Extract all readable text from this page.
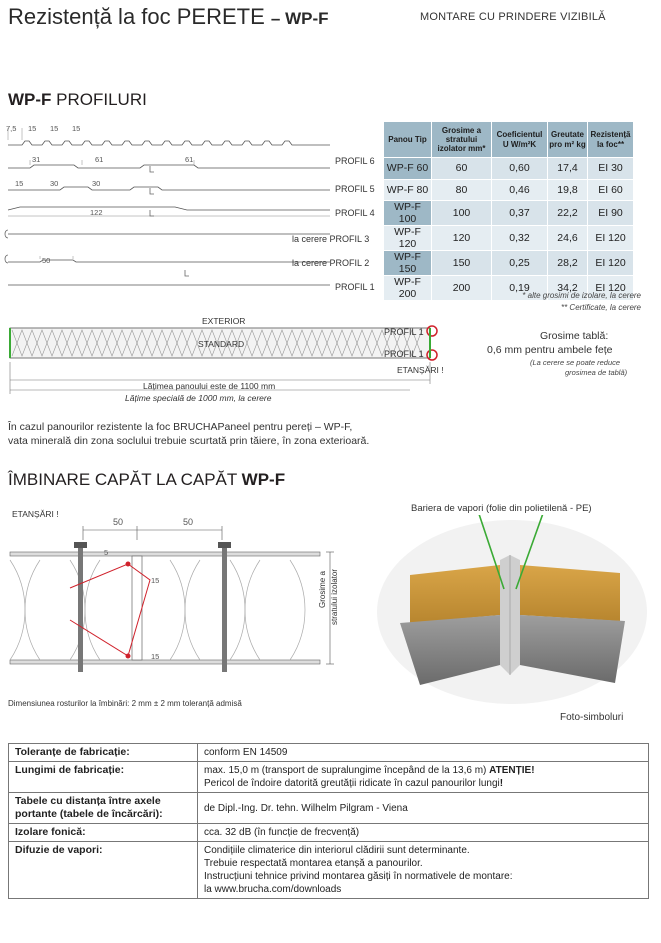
Rezistență la foc PERETE – WP-F	MONTARE CU PRINDERE VIZIBILĂ
WP-F PROFILURI
7,5 15 15 15
31	61	61
15	30	30
122
50
PROFIL 6
PROFIL 5
PROFIL 4
la cerere PROFIL 3
la cerere PROFIL 2
PROFIL 1
Panou Tip	Grosime a stratului izolator mm*	Coeficientul U W/m²K	Greutate pro m² kg	Rezistență la foc**
WP-F 60	60	0,60	17,4	EI 30
WP-F 80	80	0,46	19,8	EI 60
WP-F 100	100	0,37	22,2	EI 90
WP-F 120	120	0,32	24,6	EI 120
WP-F 150	150	0,25	28,2	EI 120
WP-F 200	200	0,19	34,2	EI 120
* alte grosimi de izolare, la cerere
** Certificate, la cerere
EXTERIOR
STANDARD
PROFIL 1
PROFIL 1
ETANȘĂRI !
Lățimea panoului este de 1100 mm
Lățime specială de 1000 mm, la cerere
Grosime tablă:
0,6 mm pentru ambele fețe
(La cerere se poate reduce
grosimea de tablă)
În cazul panourilor rezistente la foc BRUCHAPaneel pentru pereți – WP-F,
vata minerală din zona soclului trebuie scurtată prin tăiere, în zona exterioară.
ÎMBINARE CAPĂT LA CAPĂT WP-F
ETANȘĂRI !
50	50
5
15
15
Grosime a stratului izolator
Dimensiunea rosturilor la îmbinări: 2 mm ± 2 mm toleranță admisă
Bariera de vapori (folie din polietilenă - PE)
Foto-simboluri
Toleranțe de fabricație:	conform EN 14509

Lungimi de fabricație:	max. 15,0 m (transport de supralungime începând de la 13,6 m) ATENȚIE!
Pericol de îndoire datorită greutății ridicate în cazul panourilor lungi!

Tabele cu distanța între axele portante (tabele de încărcări):	de Dipl.-Ing. Dr. tehn. Wilhelm Pilgram - Viena

Izolare fonică:	cca. 32 dB (în funcție de frecvență)

Difuzie de vapori:	Condițiile climaterice din interiorul clădirii sunt determinante.
Trebuie respectată montarea etanșă a panourilor.
Instrucțiuni tehnice privind montarea găsiți în normativele de montare:
la www.brucha.com/downloads
